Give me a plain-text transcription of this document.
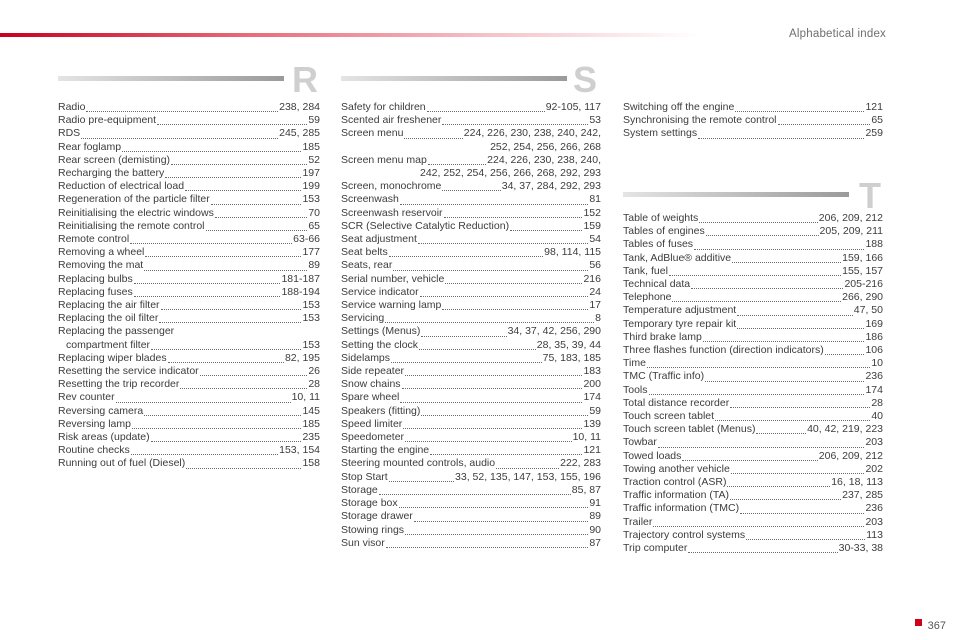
Alphabetical index
R
Radio	238, 284
Radio pre-equipment	59
RDS	245, 285
Rear foglamp	185
Rear screen (demisting)	52
Recharging the battery	197
Reduction of electrical load	199
Regeneration of the particle filter	153
Reinitialising the electric windows	70
Reinitialising the remote control	65
Remote control	63-66
Removing a wheel	177
Removing the mat	89
Replacing bulbs	181-187
Replacing fuses	188-194
Replacing the air filter	153
Replacing the oil filter	153
Replacing the passenger
compartment filter	153
Replacing wiper blades	82, 195
Resetting the service indicator	26
Resetting the trip recorder	28
Rev counter	10, 11
Reversing camera	145
Reversing lamp	185
Risk areas (update)	235
Routine checks	153, 154
Running out of fuel (Diesel)	158
S
Safety for children	92-105, 117
Scented air freshener	53
Screen menu	224, 226, 230, 238, 240, 242,
252, 254, 256, 266, 268
Screen menu map	224, 226, 230, 238, 240,
242, 252, 254, 256, 266, 268, 292, 293
Screen, monochrome	34, 37, 284, 292, 293
Screenwash	81
Screenwash reservoir	152
SCR (Selective Catalytic Reduction)	159
Seat adjustment	54
Seat belts	98, 114, 115
Seats, rear	56
Serial number, vehicle	216
Service indicator	24
Service warning lamp	17
Servicing	8
Settings (Menus)	34, 37, 42, 256, 290
Setting the clock	28, 35, 39, 44
Sidelamps	75, 183, 185
Side repeater	183
Snow chains	200
Spare wheel	174
Speakers (fitting)	59
Speed limiter	139
Speedometer	10, 11
Starting the engine	121
Steering mounted controls, audio	222, 283
Stop Start	33, 52, 135, 147, 153, 155, 196
Storage	85, 87
Storage box	91
Storage drawer	89
Stowing rings	90
Sun visor	87
Switching off the engine	121
Synchronising the remote control	65
System settings	259
T
Table of weights	206, 209, 212
Tables of engines	205, 209, 211
Tables of fuses	188
Tank, AdBlue® additive	159, 166
Tank, fuel	155, 157
Technical data	205-216
Telephone	266, 290
Temperature adjustment	47, 50
Temporary tyre repair kit	169
Third brake lamp	186
Three flashes function (direction indicators)	106
Time	10
TMC (Traffic info)	236
Tools	174
Total distance recorder	28
Touch screen tablet	40
Touch screen tablet (Menus)	40, 42, 219, 223
Towbar	203
Towed loads	206, 209, 212
Towing another vehicle	202
Traction control (ASR)	16, 18, 113
Traffic information (TA)	237, 285
Traffic information (TMC)	236
Trailer	203
Trajectory control systems	113
Trip computer	30-33, 38
367
